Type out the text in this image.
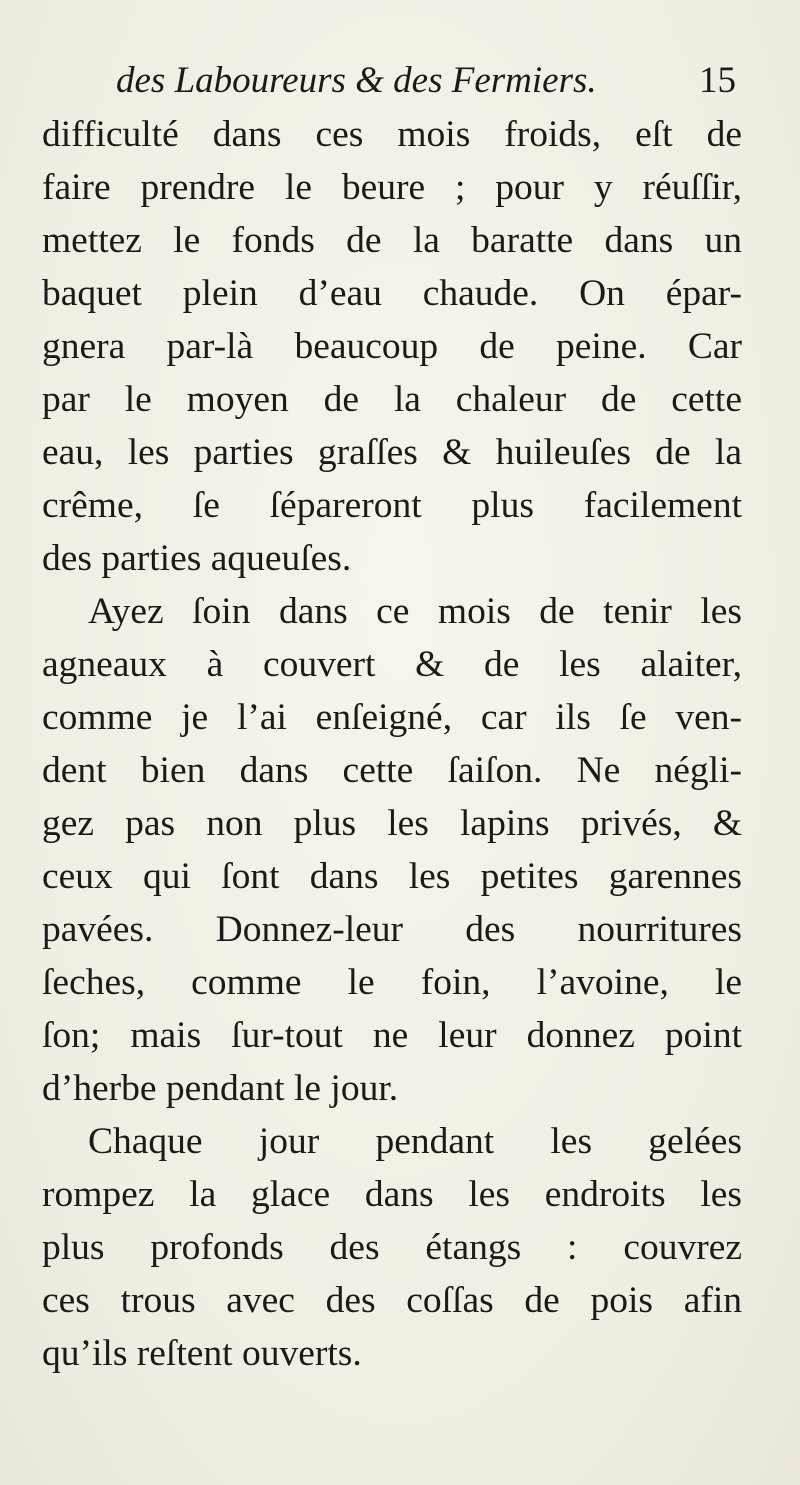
des Laboureurs & des Fermiers.	15
difficulté dans ces mois froids, eſt de
faire prendre le beure ; pour y réuſſir,
mettez le fonds de la baratte dans un
baquet plein d’eau chaude. On épar-
gnera par-là beaucoup de peine. Car
par le moyen de la chaleur de cette
eau, les parties graſſes & huileuſes de la
crême, ſe ſépareront plus facilement
des parties aqueuſes.
Ayez ſoin dans ce mois de tenir les
agneaux à couvert & de les alaiter,
comme je l’ai enſeigné, car ils ſe ven-
dent bien dans cette ſaiſon. Ne négli-
gez pas non plus les lapins privés, &
ceux qui ſont dans les petites garennes
pavées. Donnez-leur des nourritures
ſeches, comme le foin, l’avoine, le
ſon; mais ſur-tout ne leur donnez point
d’herbe pendant le jour.
Chaque jour pendant les gelées
rompez la glace dans les endroits les
plus profonds des étangs : couvrez
ces trous avec des coſſas de pois afin
qu’ils reſtent ouverts.
